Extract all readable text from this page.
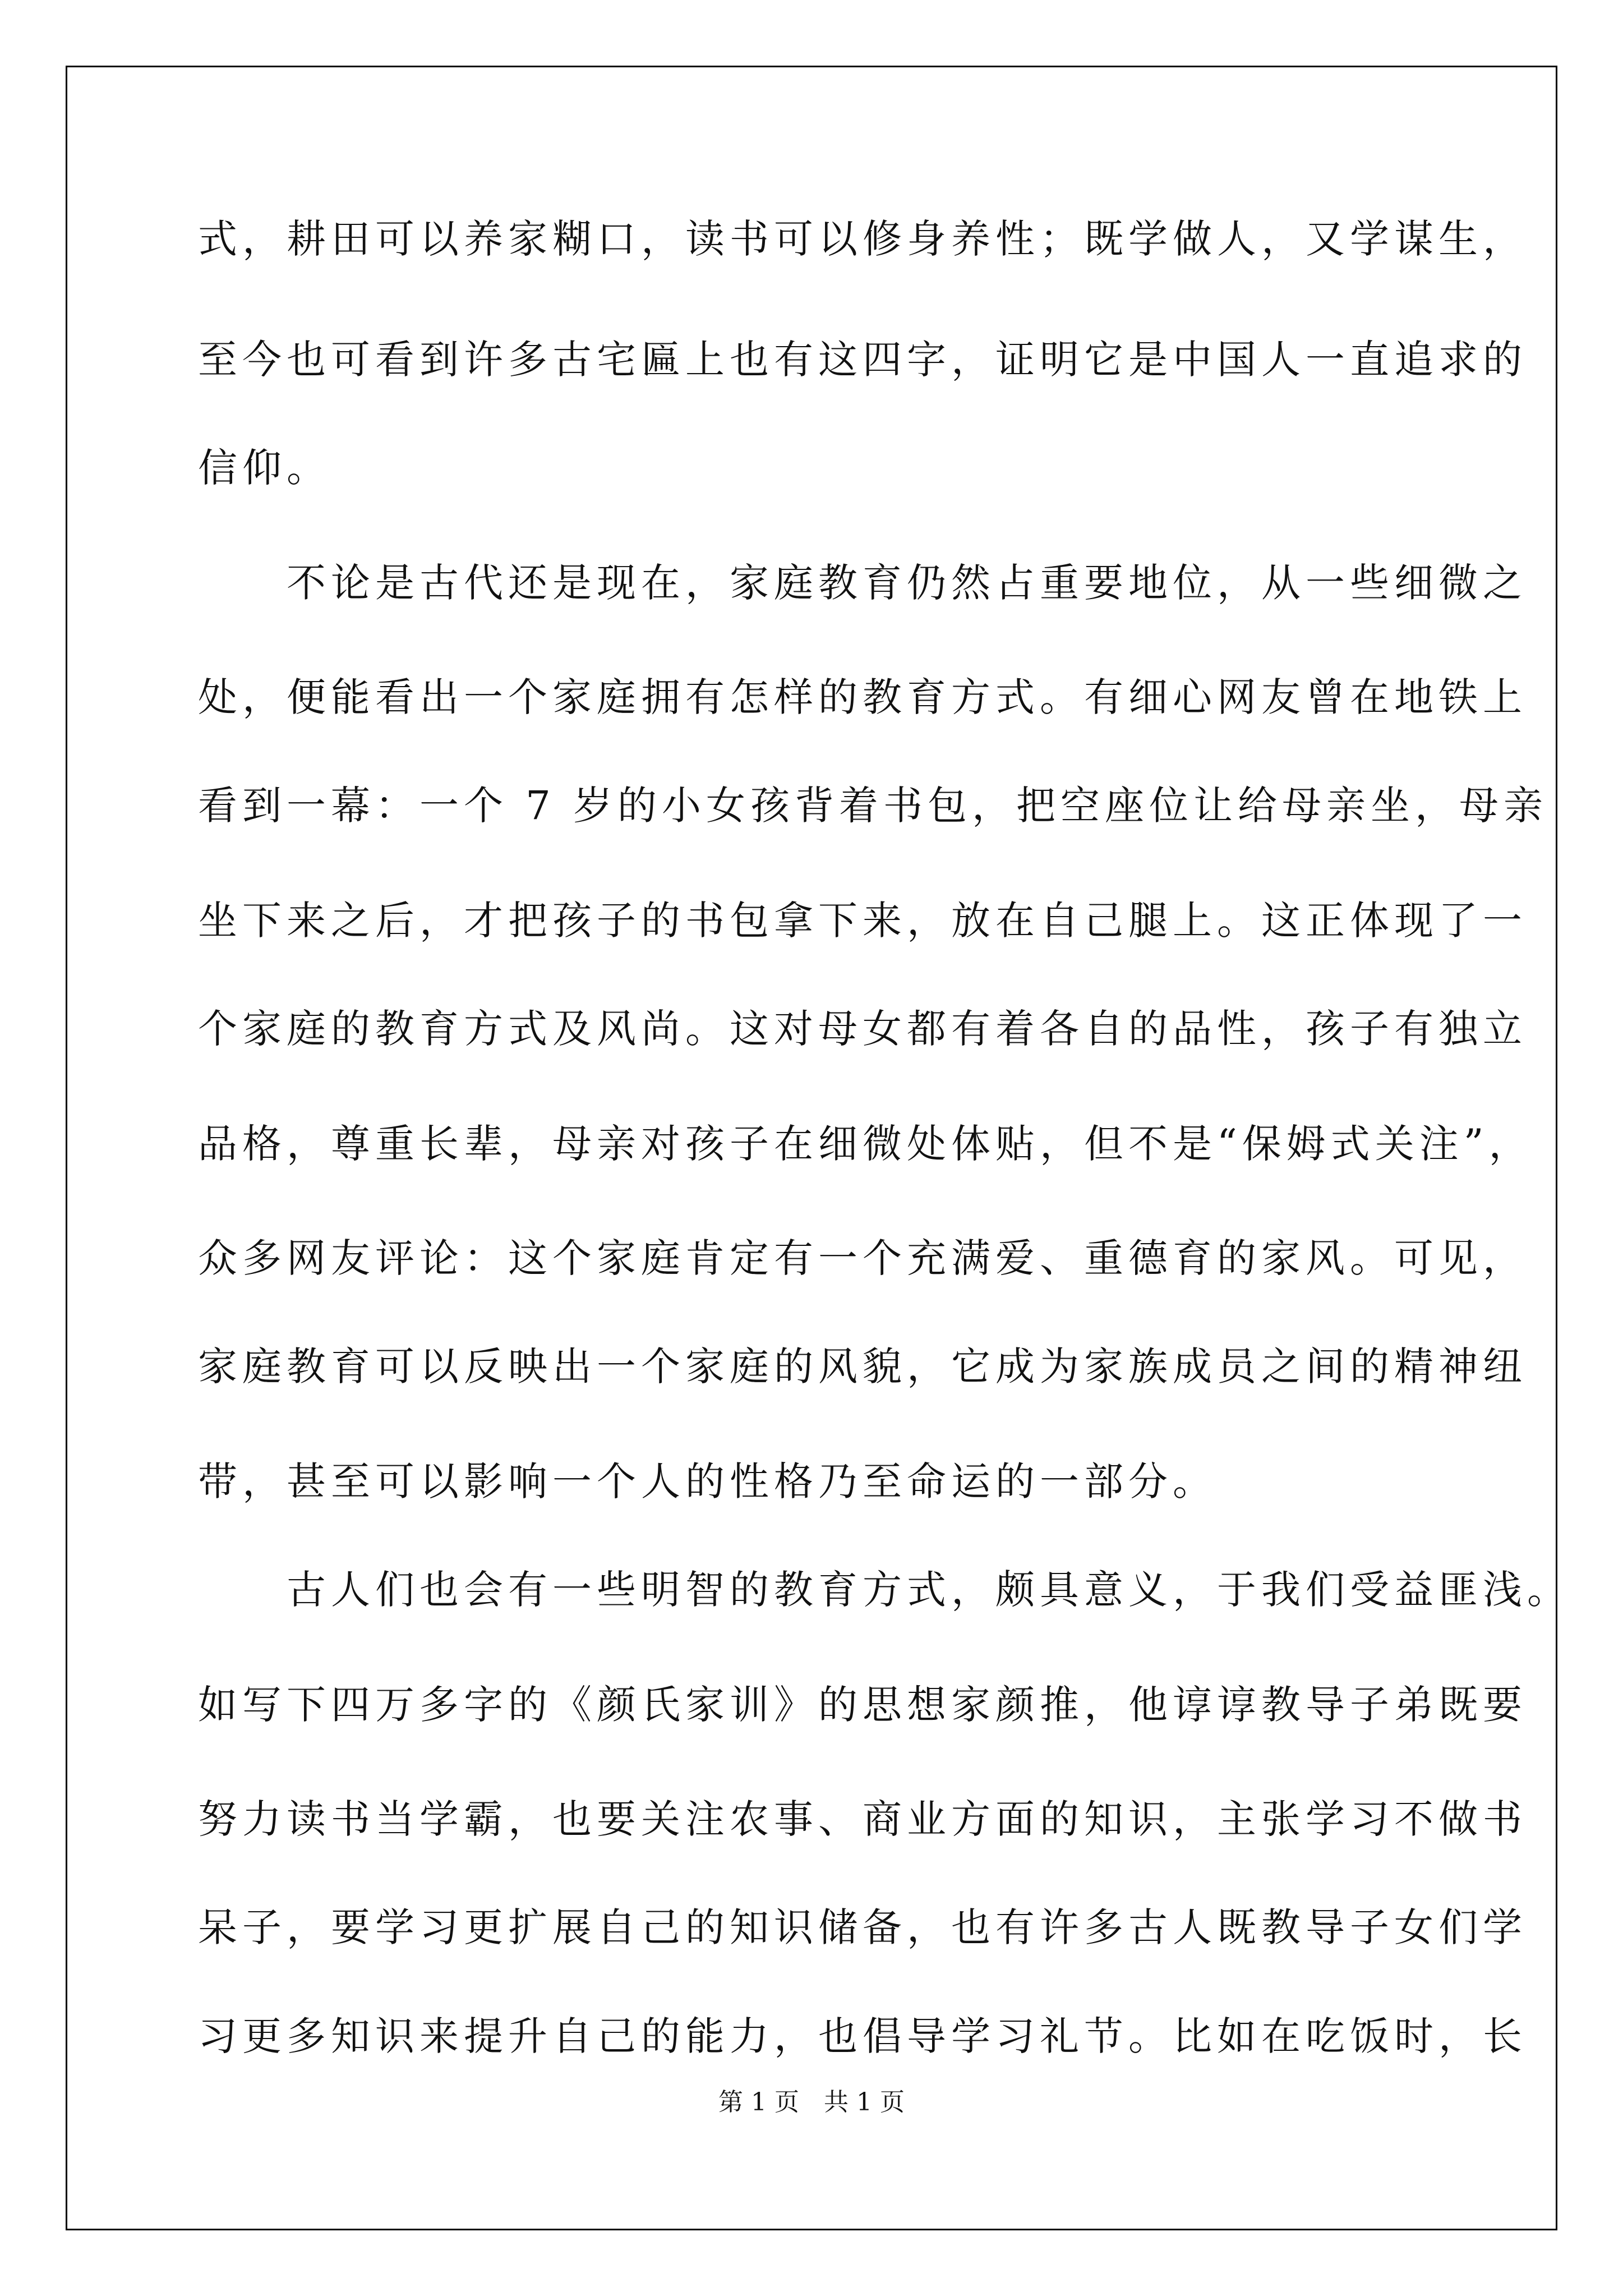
式，耕田可以养家糊口，读书可以修身养性；既学做人，又学谋生，
至今也可看到许多古宅匾上也有这四字，证明它是中国人一直追求的
信仰。
　　不论是古代还是现在，家庭教育仍然占重要地位，从一些细微之
处，便能看出一个家庭拥有怎样的教育方式。有细心网友曾在地铁上
看到一幕：一个 7 岁的小女孩背着书包，把空座位让给母亲坐，母亲
坐下来之后，才把孩子的书包拿下来，放在自己腿上。这正体现了一
个家庭的教育方式及风尚。这对母女都有着各自的品性，孩子有独立
品格，尊重长辈，母亲对孩子在细微处体贴，但不是“保姆式关注”，
众多网友评论：这个家庭肯定有一个充满爱、重德育的家风。可见，
家庭教育可以反映出一个家庭的风貌，它成为家族成员之间的精神纽
带，甚至可以影响一个人的性格乃至命运的一部分。
　　古人们也会有一些明智的教育方式，颇具意义，于我们受益匪浅。
如写下四万多字的《颜氏家训》的思想家颜推，他谆谆教导子弟既要
努力读书当学霸，也要关注农事、商业方面的知识，主张学习不做书
呆子，要学习更扩展自己的知识储备，也有许多古人既教导子女们学
习更多知识来提升自己的能力，也倡导学习礼节。比如在吃饭时，长
第 1 页　共 1 页
